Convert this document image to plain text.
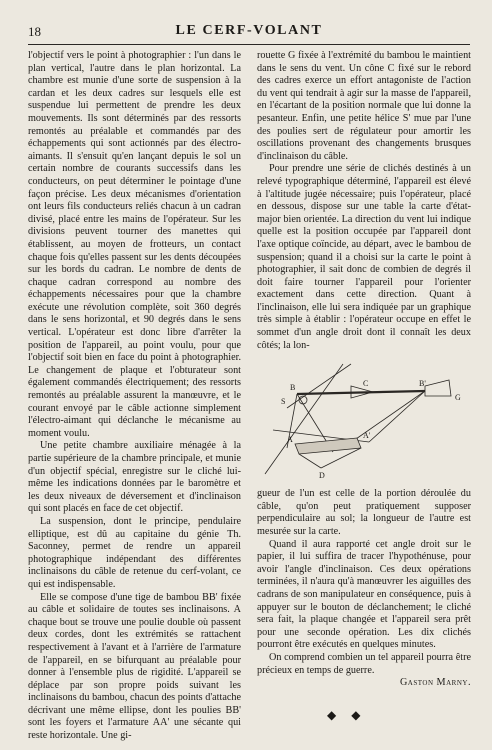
18	LE CERF-VOLANT

l'objectif vers le point à photographier : l'un dans le plan vertical, l'autre dans le plan horizontal. La chambre est munie d'une sorte de suspension à la cardan et les deux cadres sur lesquels elle est suspendue lui permettent de prendre les deux mouvements. Ils sont déterminés par des ressorts remontés au préalable et commandés par des échappements qui sont actionnés par des électro-aimants. Il s'ensuit qu'en lançant depuis le sol un certain nombre de courants successifs dans les conducteurs, on peut déterminer le pointage d'une façon précise. Les deux mécanismes d'orientation ont leurs fils conducteurs reliés chacun à un cadran divisé, placé entre les mains de l'opérateur. Sur les divisions peuvent tourner des manettes qui établissent, au moyen de frotteurs, un contact chaque fois qu'elles passent sur les dents découpées sur les bords du cadran. Le nombre de dents de chaque cadran correspond au nombre des échappements nécessaires pour que la chambre exécute une révolution complète, soit 360 degrés dans le sens horizontal, et 90 degrés dans le sens vertical. L'opérateur est donc libre d'arrêter la position de l'appareil, au point voulu, pour que l'objectif soit bien en face du point à photographier. Le changement de plaque et l'obturateur sont également commandés électriquement; des ressorts remontés au préalable assurent la manœuvre, et le courant envoyé par le câble actionne simplement l'électro-aimant qui déclanche le mécanisme au moment voulu.

Une petite chambre auxiliaire ménagée à la partie supérieure de la chambre principale, et munie d'un objectif spécial, enregistre sur le cliché lui-même les indications données par le baromètre et les deux niveaux de déversement et d'inclinaison qui sont placés en face de cet objectif.

La suspension, dont le principe, pendulaire elliptique, est dû au capitaine du génie Th. Saconney, permet de rendre un appareil photographique indépendant des différentes inclinaisons du câble de retenue du cerf-volant, ce qui est indispensable.

Elle se compose d'une tige de bambou BB' fixée au câble et solidaire de toutes ses inclinaisons. A chaque bout se trouve une poulie double où passent deux cordes, dont les extrémités se rattachent respectivement à l'avant et à l'arrière de l'armature de l'appareil, en se bifurquant au préalable pour donner à l'ensemble plus de rigidité. L'appareil se déplace par son propre poids suivant les inclinaisons du bambou, chacun des points d'attache décrivant une même ellipse, dont les poulies BB' sont les foyers et l'armature AA' une sécante qui reste horizontale. Une gi-

rouette G fixée à l'extrémité du bambou le maintient dans le sens du vent. Un cône C fixé sur le rebord des cadres exerce un effort antagoniste de l'action du vent qui tendrait à agir sur la masse de l'appareil, en l'écartant de la position normale que lui donne la pesanteur. Enfin, une petite hélice S' mue par l'une des poulies sert de régulateur pour amortir les oscillations provenant des changements brusques d'inclinaison du câble.

Pour prendre une série de clichés destinés à un relevé typographique déterminé, l'appareil est élevé à l'altitude jugée nécessaire; puis l'opérateur, placé en dessous, dispose sur une table la carte d'état-major bien orientée. La direction du vent lui indique quelle est la position occupée par l'appareil dont l'axe optique coïncide, au départ, avec le bambou de suspension; quand il a choisi sur la carte le point à photographier, il sait donc de combien de degrés il doit faire tourner l'appareil pour l'orienter exactement dans cette direction. Quant à l'inclinaison, elle lui sera indiquée par un graphique très simple à établir : l'opérateur occupe en effet le sommet d'un angle droit dont il connaît les deux côtés; la lon-

B
S
C	B'
G
A	A'
D

gueur de l'un est celle de la portion déroulée du câble, qu'on peut pratiquement supposer perpendiculaire au sol; la longueur de l'autre est mesurée sur la carte.

Quand il aura rapporté cet angle droit sur le papier, il lui suffira de tracer l'hypothénuse, pour avoir l'angle d'inclinaison. Ces deux opérations terminées, il n'aura qu'à manœuvrer les aiguilles des cadrans de son manipulateur en conséquence, puis à appuyer sur le bouton de déclanchement; le cliché sera fait, la plaque changée et l'appareil sera prêt pour une seconde opération. Les dix clichés pourront être exécutés en quelques minutes.

On comprend combien un tel appareil pourra être précieux en temps de guerre.

Gaston Marny.

◆ ◆
